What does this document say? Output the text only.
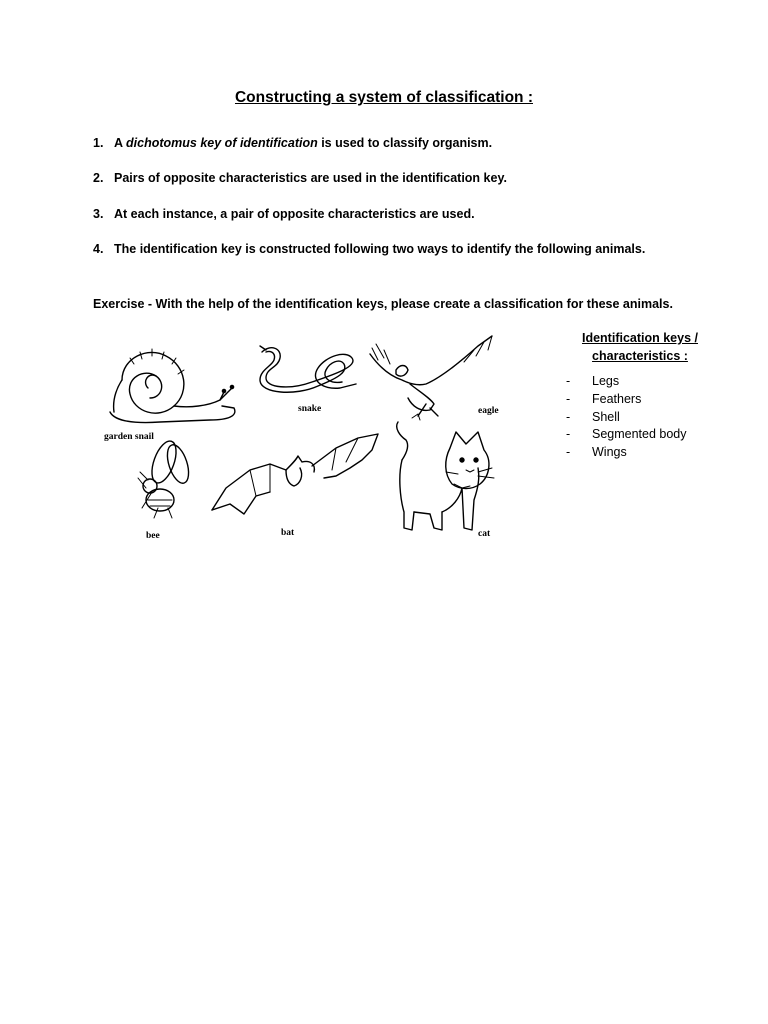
Constructing a system of classification :
1. A dichotomus key of identification is used to classify organism.
2. Pairs of opposite characteristics are used in the identification key.
3. At each instance, a pair of opposite characteristics are used.
4. The identification key is constructed following two ways to identify the following animals.
Exercise - With the help of the identification keys, please create a classification for these animals.
garden snail
snake	eagle
bee	bat	cat
Identification keys /
characteristics :
- Legs
- Feathers
- Shell
- Segmented body
- Wings
